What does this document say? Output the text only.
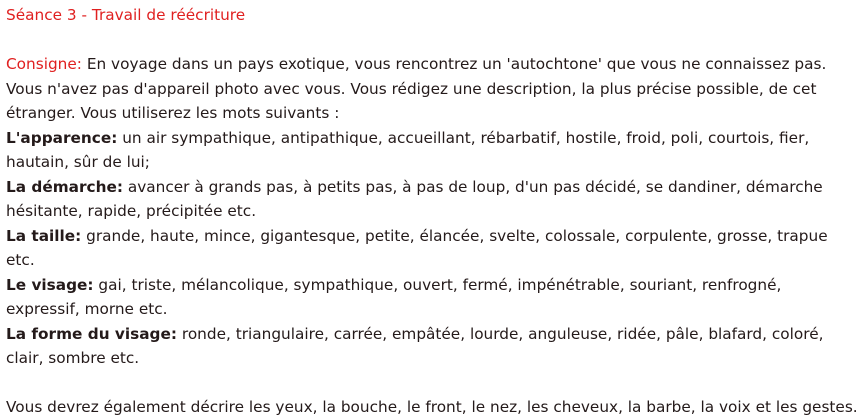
Séance 3 - Travail de réécriture

Consigne: En voyage dans un pays exotique, vous rencontrez un 'autochtone' que vous ne connaissez pas. Vous n'avez pas d'appareil photo avec vous. Vous rédigez une description, la plus précise possible, de cet étranger. Vous utiliserez les mots suivants :

L'apparence: un air sympathique, antipathique, accueillant, rébarbatif, hostile, froid, poli, courtois, fier, hautain, sûr de lui;

La démarche: avancer à grands pas, à petits pas, à pas de loup, d'un pas décidé, se dandiner, démarche hésitante, rapide, précipitée etc.

La taille: grande, haute, mince, gigantesque, petite, élancée, svelte, colossale, corpulente, grosse, trapue etc.

Le visage: gai, triste, mélancolique, sympathique, ouvert, fermé, impénétrable, souriant, renfrogné, expressif, morne etc.

La forme du visage: ronde, triangulaire, carrée, empâtée, lourde, anguleuse, ridée, pâle, blafard, coloré, clair, sombre etc.

Vous devrez également décrire les yeux, la bouche, le front, le nez, les cheveux, la barbe, la voix et les gestes.
